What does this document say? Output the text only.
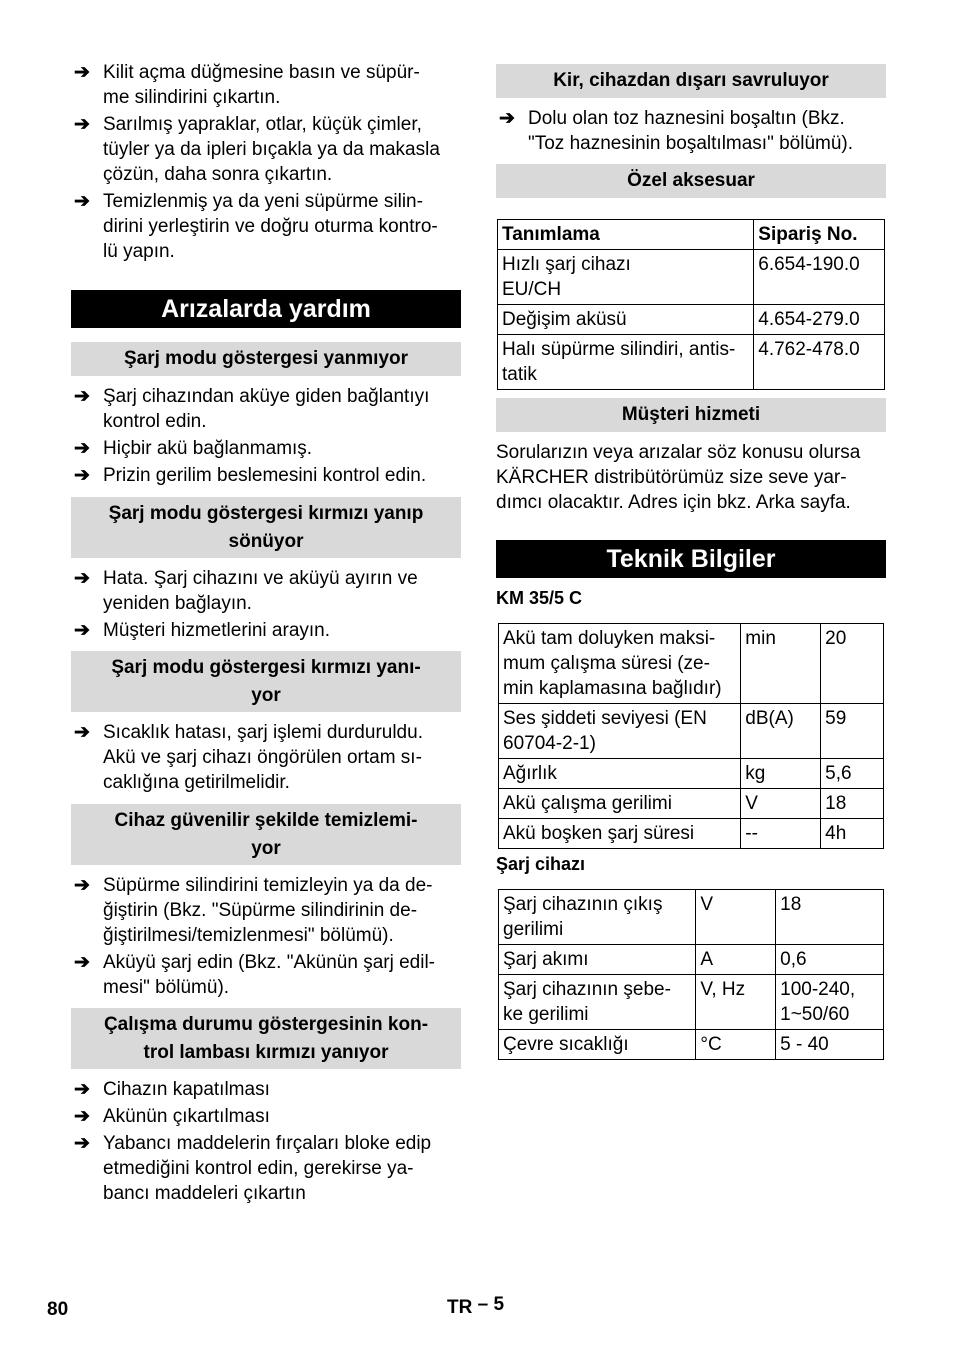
➔ Kilit açma düğmesine basın ve süpür-
me silindirini çıkartın.
➔ Sarılmış yapraklar, otlar, küçük çimler,
tüyler ya da ipleri bıçakla ya da makasla
çözün, daha sonra çıkartın.
➔ Temizlenmiş ya da yeni süpürme silin-
dirini yerleştirin ve doğru oturma kontro-
lü yapın.
Arızalarda yardım
Şarj modu göstergesi yanmıyor
➔ Şarj cihazından aküye giden bağlantıyı
kontrol edin.
➔ Hiçbir akü bağlanmamış.
➔ Prizin gerilim beslemesini kontrol edin.
Şarj modu göstergesi kırmızı yanıp
sönüyor
➔ Hata. Şarj cihazını ve aküyü ayırın ve
yeniden bağlayın.
➔ Müşteri hizmetlerini arayın.
Şarj modu göstergesi kırmızı yanı-
yor
➔ Sıcaklık hatası, şarj işlemi durduruldu.
Akü ve şarj cihazı öngörülen ortam sı-
caklığına getirilmelidir.
Cihaz güvenilir şekilde temizlemi-
yor
➔ Süpürme silindirini temizleyin ya da de-
ğiştirin (Bkz. "Süpürme silindirinin de-
ğiştirilmesi/temizlenmesi" bölümü).
➔ Aküyü şarj edin (Bkz. "Akünün şarj edil-
mesi" bölümü).
Çalışma durumu göstergesinin kon-
trol lambası kırmızı yanıyor
➔ Cihazın kapatılması
➔ Akünün çıkartılması
➔ Yabancı maddelerin fırçaları bloke edip
etmediğini kontrol edin, gerekirse ya-
bancı maddeleri çıkartın
Kir, cihazdan dışarı savruluyor
➔ Dolu olan toz haznesini boşaltın (Bkz.
"Toz haznesinin boşaltılması" bölümü).
Özel aksesuar
Tanımlama	Sipariş No.
Hızlı şarj cihazı
EU/CH	6.654-190.0
Değişim aküsü	4.654-279.0
Halı süpürme silindiri, antis-
tatik	4.762-478.0
Müşteri hizmeti
Sorularızın veya arızalar söz konusu olursa
KÄRCHER distribütörümüz size seve yar-
dımcı olacaktır. Adres için bkz. Arka sayfa.
Teknik Bilgiler
KM 35/5 C
Akü tam doluyken maksi-
mum çalışma süresi (ze-
min kaplamasına bağlıdır)	min	20
Ses şiddeti seviyesi (EN
60704-2-1)	dB(A)	59
Ağırlık	kg	5,6
Akü çalışma gerilimi	V	18
Akü boşken şarj süresi	--	4h
Şarj cihazı
Şarj cihazının çıkış
gerilimi	V	18
Şarj akımı	A	0,6
Şarj cihazının şebe-
ke gerilimi	V, Hz	100-240,
1~50/60
Çevre sıcaklığı	°C	5 - 40
80	TR – 5
